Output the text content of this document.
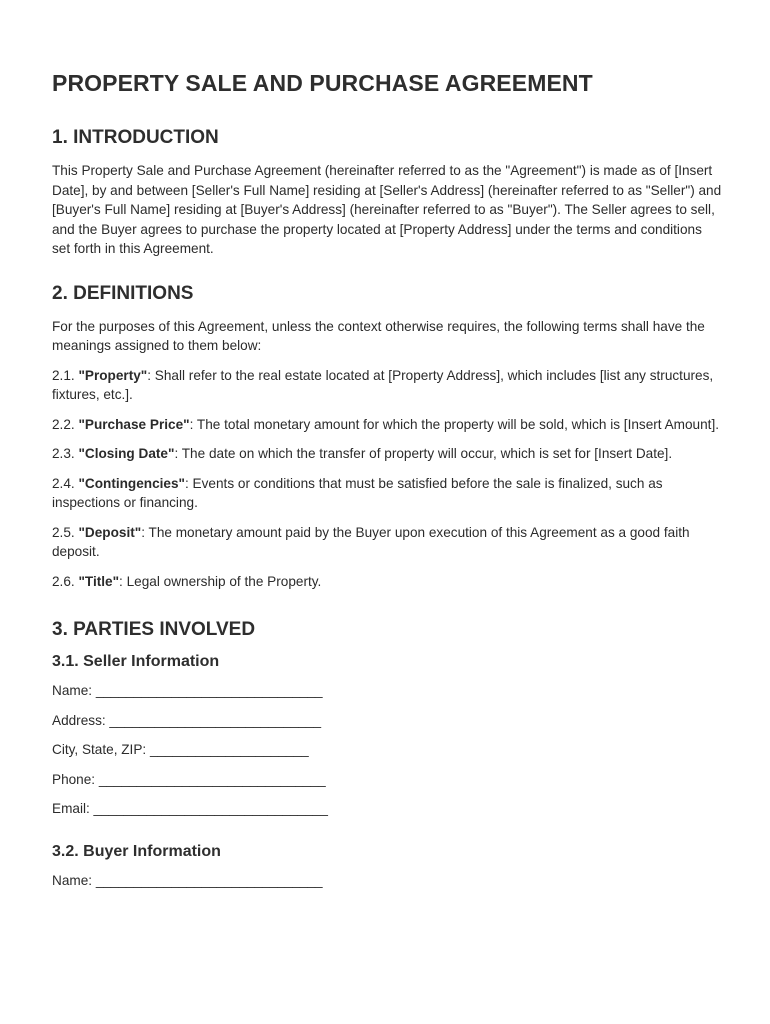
PROPERTY SALE AND PURCHASE AGREEMENT
1. INTRODUCTION

This Property Sale and Purchase Agreement (hereinafter referred to as the "Agreement") is made as of [Insert Date], by and between [Seller's Full Name] residing at [Seller's Address] (hereinafter referred to as "Seller") and [Buyer's Full Name] residing at [Buyer's Address] (hereinafter referred to as "Buyer"). The Seller agrees to sell, and the Buyer agrees to purchase the property located at [Property Address] under the terms and conditions set forth in this Agreement.

2. DEFINITIONS

For the purposes of this Agreement, unless the context otherwise requires, the following terms shall have the meanings assigned to them below:

2.1. "Property": Shall refer to the real estate located at [Property Address], which includes [list any structures, fixtures, etc.].

2.2. "Purchase Price": The total monetary amount for which the property will be sold, which is [Insert Amount].

2.3. "Closing Date": The date on which the transfer of property will occur, which is set for [Insert Date].

2.4. "Contingencies": Events or conditions that must be satisfied before the sale is finalized, such as inspections or financing.

2.5. "Deposit": The monetary amount paid by the Buyer upon execution of this Agreement as a good faith deposit.

2.6. "Title": Legal ownership of the Property.

3. PARTIES INVOLVED
3.1. Seller Information
Name: ______________________________
Address: ____________________________
City, State, ZIP: _____________________
Phone: ______________________________
Email: _______________________________
3.2. Buyer Information
Name: ______________________________
